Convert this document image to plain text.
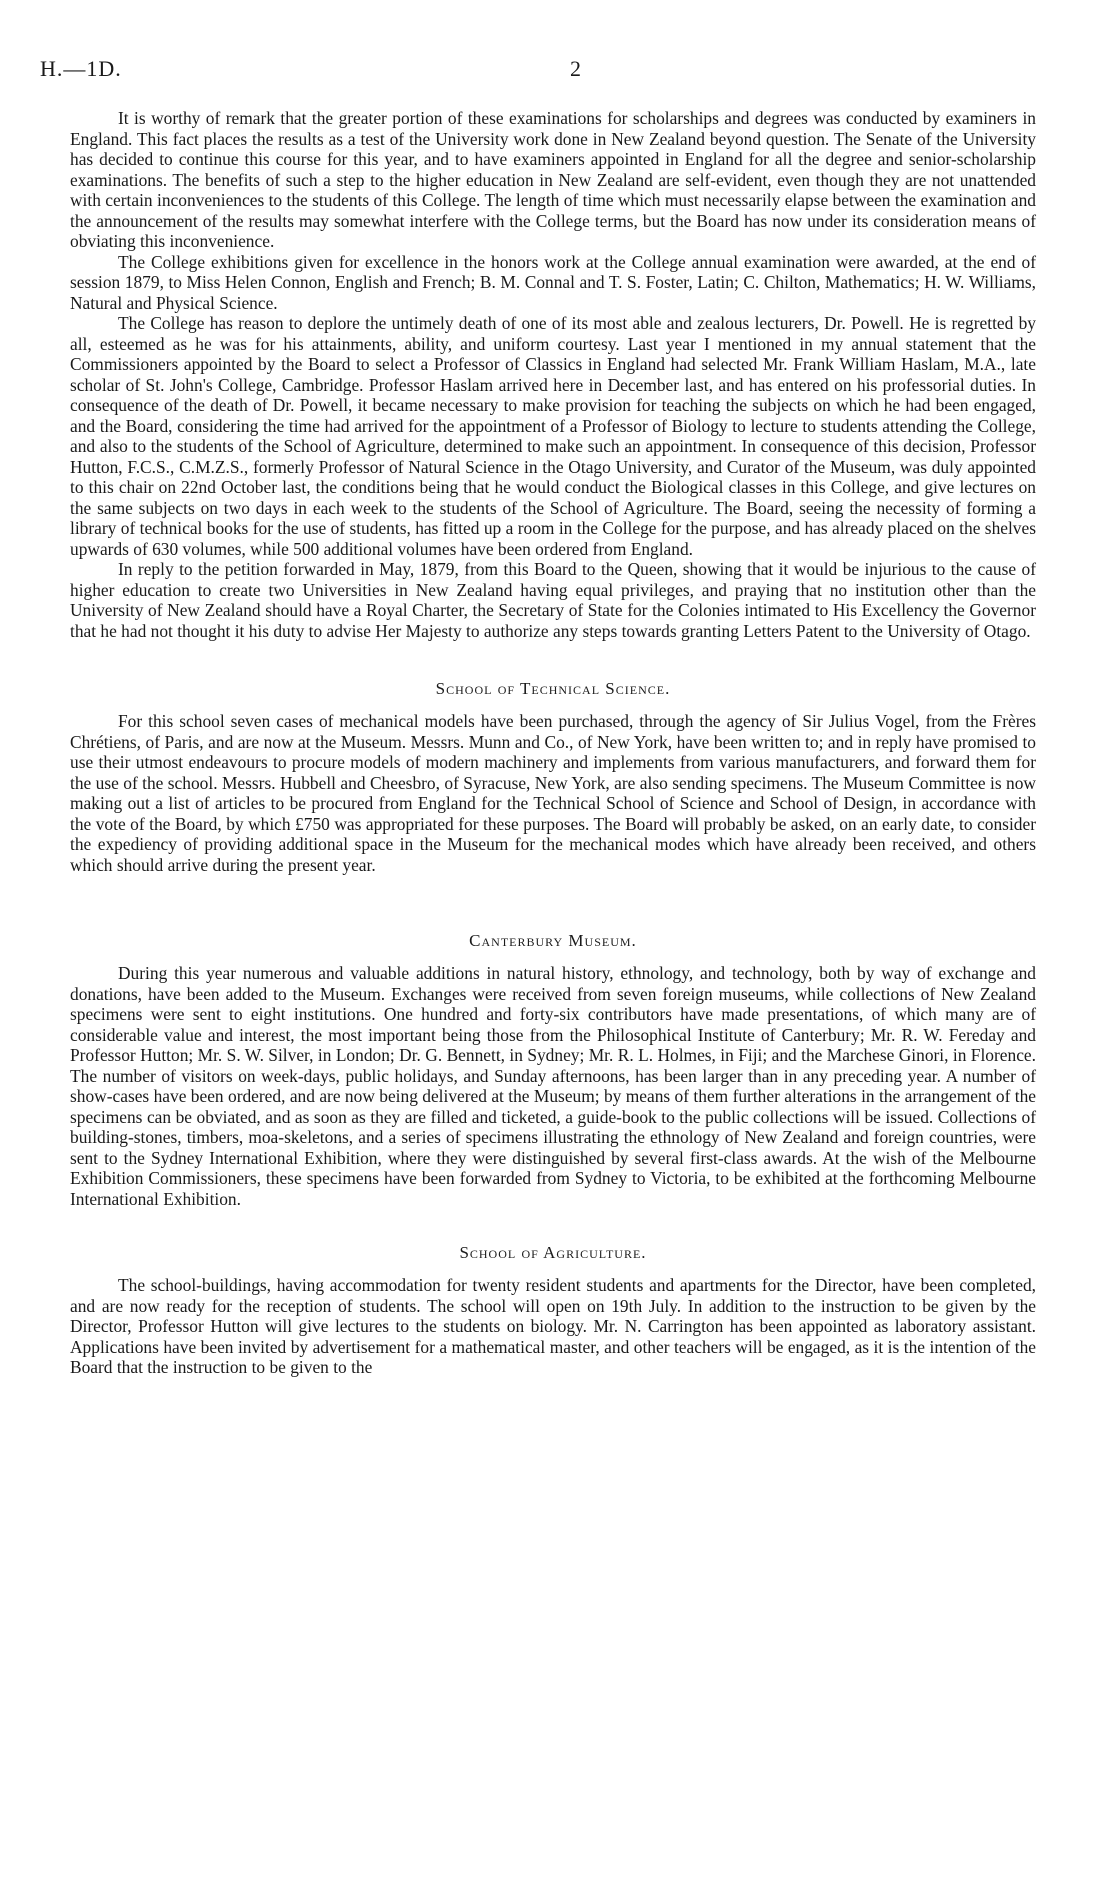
H.—1D.	2

It is worthy of remark that the greater portion of these examinations for scholarships and degrees was conducted by examiners in England. This fact places the results as a test of the University work done in New Zealand beyond question. The Senate of the University has decided to continue this course for this year, and to have examiners appointed in England for all the degree and senior-scholarship examinations. The benefits of such a step to the higher education in New Zealand are self-evident, even though they are not unattended with certain inconveniences to the students of this College. The length of time which must necessarily elapse between the examination and the announcement of the results may somewhat interfere with the College terms, but the Board has now under its consideration means of obviating this inconvenience.

The College exhibitions given for excellence in the honors work at the College annual examination were awarded, at the end of session 1879, to Miss Helen Connon, English and French; B. M. Connal and T. S. Foster, Latin; C. Chilton, Mathematics; H. W. Williams, Natural and Physical Science.

The College has reason to deplore the untimely death of one of its most able and zealous lecturers, Dr. Powell. He is regretted by all, esteemed as he was for his attainments, ability, and uniform courtesy. Last year I mentioned in my annual statement that the Commissioners appointed by the Board to select a Professor of Classics in England had selected Mr. Frank William Haslam, M.A., late scholar of St. John's College, Cambridge. Professor Haslam arrived here in December last, and has entered on his professorial duties. In consequence of the death of Dr. Powell, it became necessary to make provision for teaching the subjects on which he had been engaged, and the Board, considering the time had arrived for the appointment of a Professor of Biology to lecture to students attending the College, and also to the students of the School of Agriculture, determined to make such an appointment. In consequence of this decision, Professor Hutton, F.C.S., C.M.Z.S., formerly Professor of Natural Science in the Otago University, and Curator of the Museum, was duly appointed to this chair on 22nd October last, the conditions being that he would conduct the Biological classes in this College, and give lectures on the same subjects on two days in each week to the students of the School of Agriculture. The Board, seeing the necessity of forming a library of technical books for the use of students, has fitted up a room in the College for the purpose, and has already placed on the shelves upwards of 630 volumes, while 500 additional volumes have been ordered from England.

In reply to the petition forwarded in May, 1879, from this Board to the Queen, showing that it would be injurious to the cause of higher education to create two Universities in New Zealand having equal privileges, and praying that no institution other than the University of New Zealand should have a Royal Charter, the Secretary of State for the Colonies intimated to His Excellency the Governor that he had not thought it his duty to advise Her Majesty to authorize any steps towards granting Letters Patent to the University of Otago.

School of Technical Science.

For this school seven cases of mechanical models have been purchased, through the agency of Sir Julius Vogel, from the Frères Chrétiens, of Paris, and are now at the Museum. Messrs. Munn and Co., of New York, have been written to; and in reply have promised to use their utmost endeavours to procure models of modern machinery and implements from various manufacturers, and forward them for the use of the school. Messrs. Hubbell and Cheesbro, of Syracuse, New York, are also sending specimens. The Museum Committee is now making out a list of articles to be procured from England for the Technical School of Science and School of Design, in accordance with the vote of the Board, by which £750 was appropriated for these purposes. The Board will probably be asked, on an early date, to consider the expediency of providing additional space in the Museum for the mechanical modes which have already been received, and others which should arrive during the present year.

Canterbury Museum.

During this year numerous and valuable additions in natural history, ethnology, and technology, both by way of exchange and donations, have been added to the Museum. Exchanges were received from seven foreign museums, while collections of New Zealand specimens were sent to eight institutions. One hundred and forty-six contributors have made presentations, of which many are of considerable value and interest, the most important being those from the Philosophical Institute of Canterbury; Mr. R. W. Fereday and Professor Hutton; Mr. S. W. Silver, in London; Dr. G. Bennett, in Sydney; Mr. R. L. Holmes, in Fiji; and the Marchese Ginori, in Florence. The number of visitors on week-days, public holidays, and Sunday afternoons, has been larger than in any preceding year. A number of show-cases have been ordered, and are now being delivered at the Museum; by means of them further alterations in the arrangement of the specimens can be obviated, and as soon as they are filled and ticketed, a guide-book to the public collections will be issued. Collections of building-stones, timbers, moa-skeletons, and a series of specimens illustrating the ethnology of New Zealand and foreign countries, were sent to the Sydney International Exhibition, where they were distinguished by several first-class awards. At the wish of the Melbourne Exhibition Commissioners, these specimens have been forwarded from Sydney to Victoria, to be exhibited at the forthcoming Melbourne International Exhibition.

School of Agriculture.

The school-buildings, having accommodation for twenty resident students and apartments for the Director, have been completed, and are now ready for the reception of students. The school will open on 19th July. In addition to the instruction to be given by the Director, Professor Hutton will give lectures to the students on biology. Mr. N. Carrington has been appointed as laboratory assistant. Applications have been invited by advertisement for a mathematical master, and other teachers will be engaged, as it is the intention of the Board that the instruction to be given to the
